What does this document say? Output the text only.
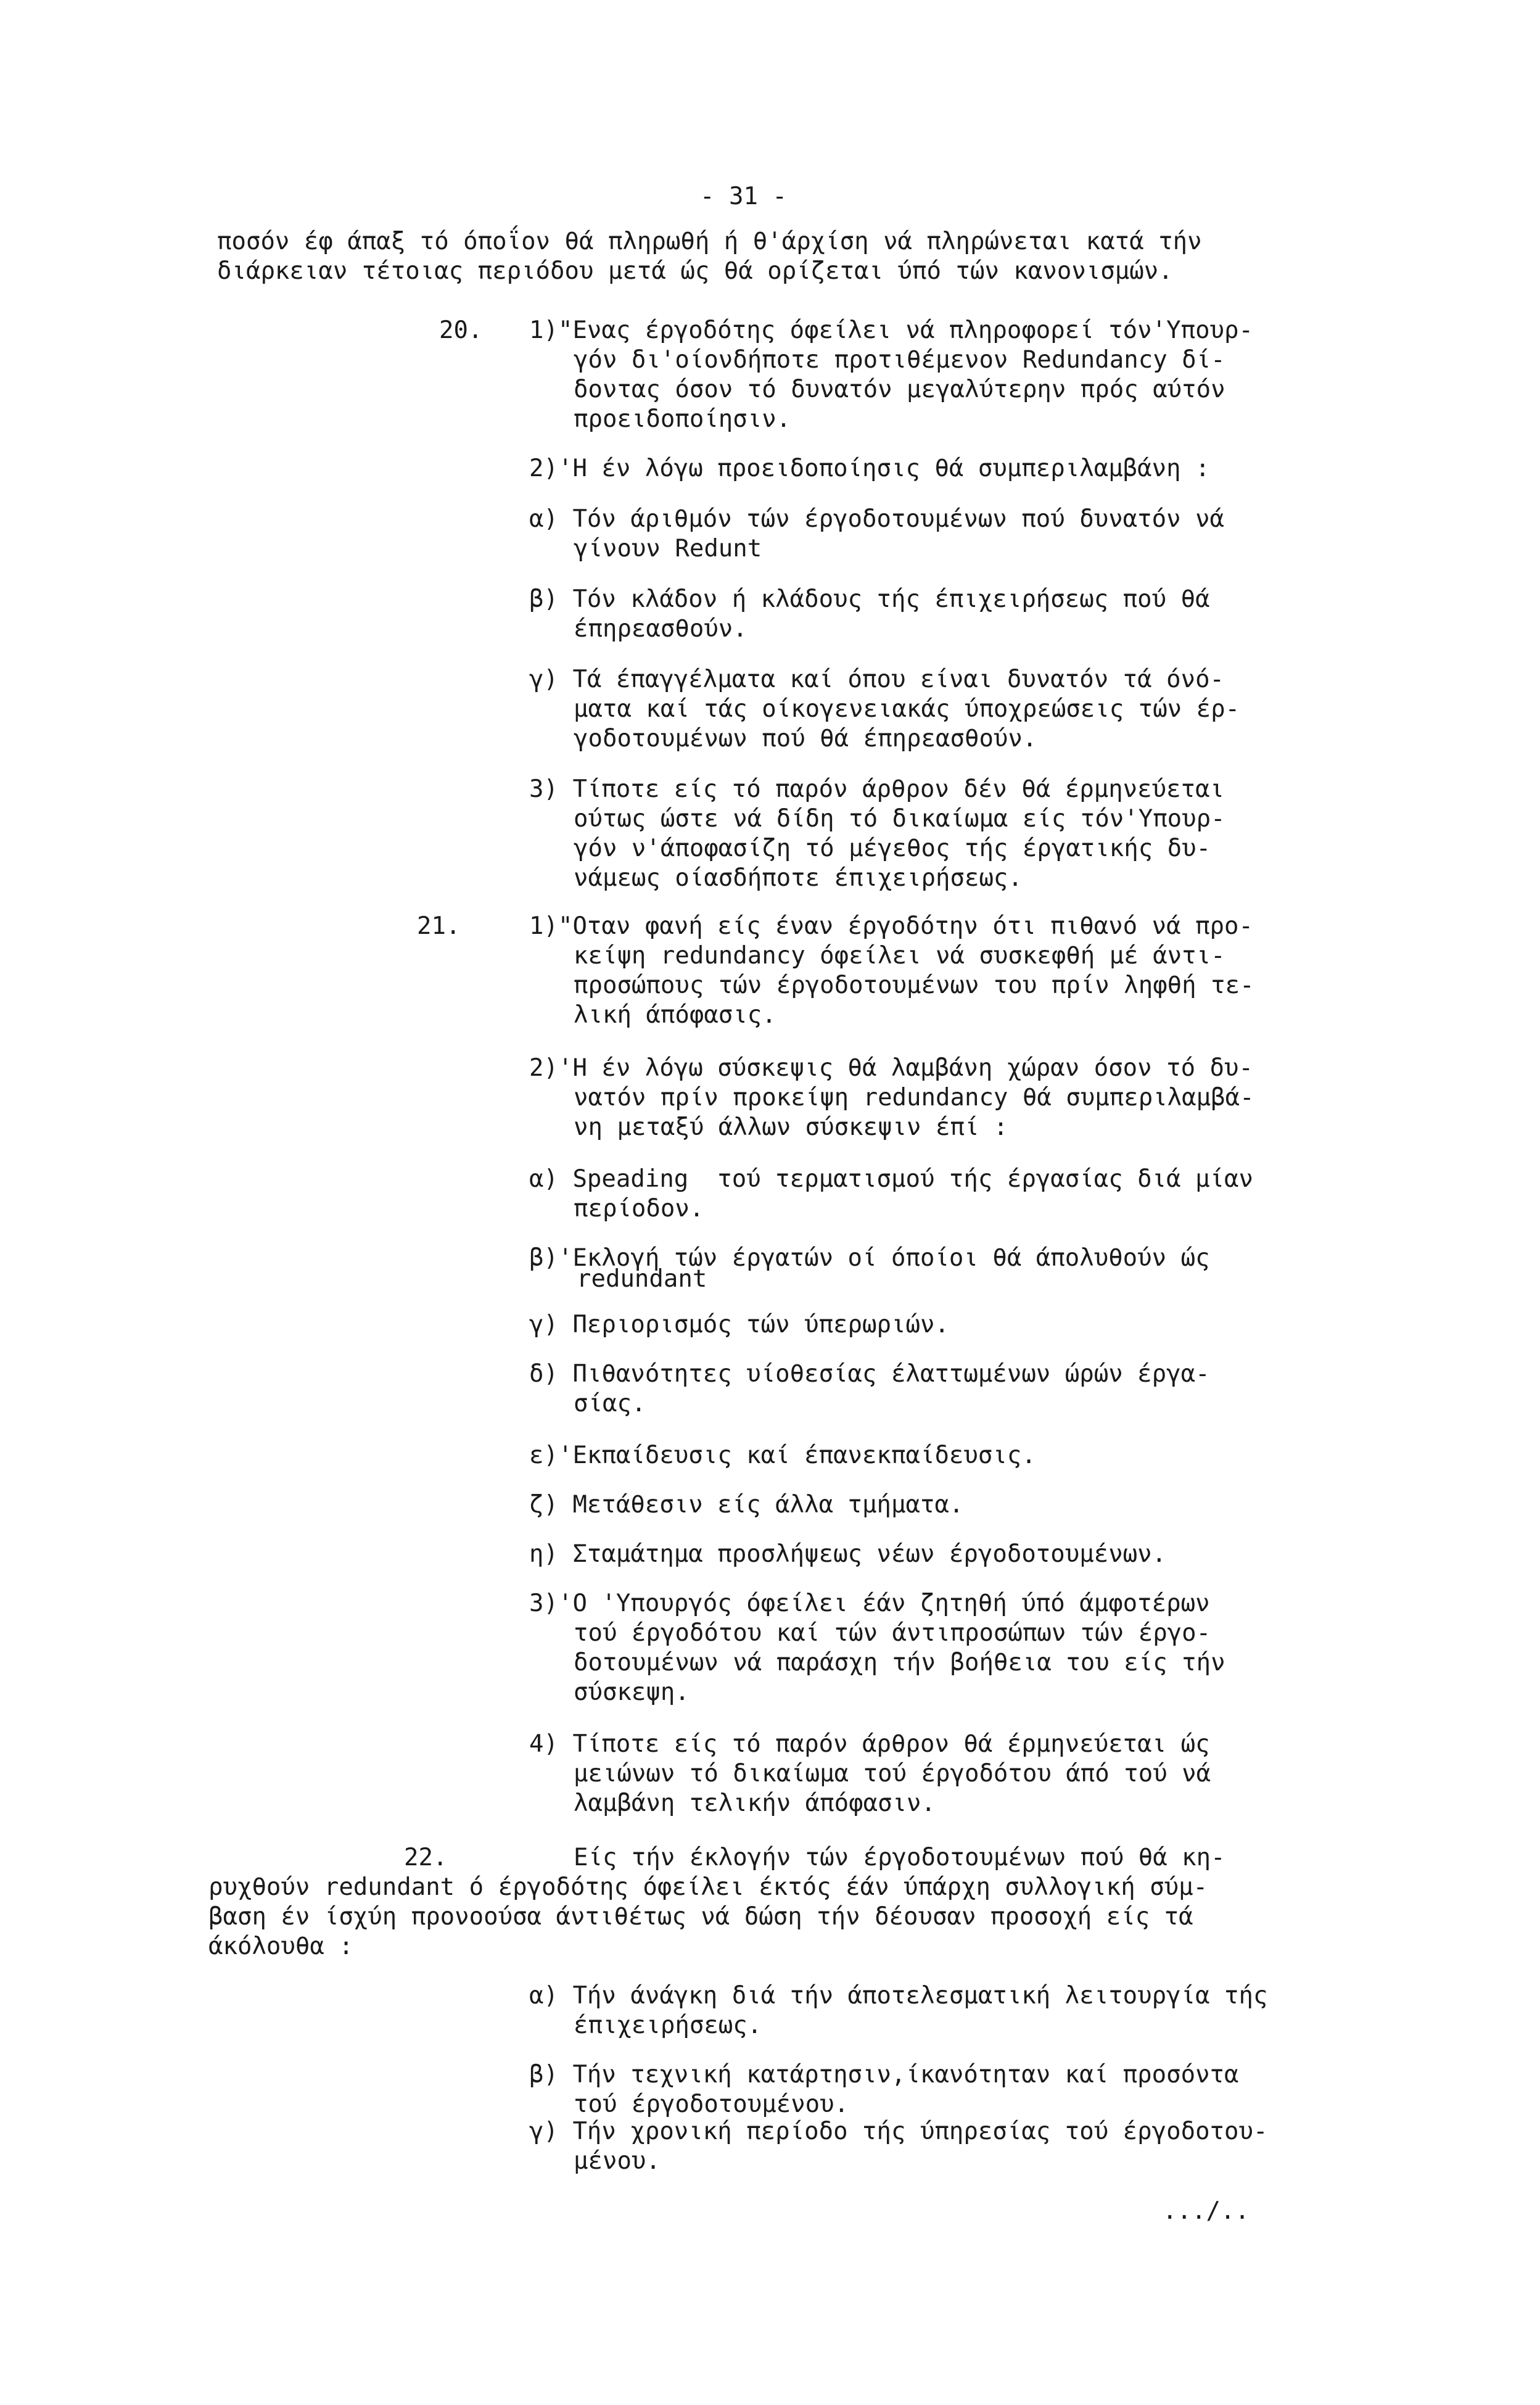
- 31 -
ποσόν έφ άπαξ τό όποΐον θά πληρωθή ή θ'άρχίση νά πληρώνεται κατά τήν
διάρκειαν τέτοιας περιόδου μετά ώς θά ορίζεται ύπό τών κανονισμών.
20. 1)"Ενας έργοδότης όφείλει νά πληροφορεί τόν'Υπουρ-
γόν δι'οίονδήποτε προτιθέμενον Redundancy δί-
δοντας όσον τό δυνατόν μεγαλύτερην πρός αύτόν
προειδοποίησιν.
2)'Η έν λόγω προειδοποίησις θά συμπεριλαμβάνη :
α) Τόν άριθμόν τών έργοδοτουμένων πού δυνατόν νά
γίνουν Redunt
β) Τόν κλάδον ή κλάδους τής έπιχειρήσεως πού θά
έπηρεασθούν.
γ) Τά έπαγγέλματα καί όπου είναι δυνατόν τά όνό-
ματα καί τάς οίκογενειακάς ύποχρεώσεις τών έρ-
γοδοτουμένων πού θά έπηρεασθούν.
3) Τίποτε είς τό παρόν άρθρον δέν θά έρμηνεύεται
ούτως ώστε νά δίδη τό δικαίωμα είς τόν'Υπουρ-
γόν ν'άποφασίζη τό μέγεθος τής έργατικής δυ-
νάμεως οίασδήποτε έπιχειρήσεως.
21.	1)"Οταν φανή είς έναν έργοδότην ότι πιθανό νά προ-
κείψη redundancy όφείλει νά συσκεφθή μέ άντι-
προσώπους τών έργοδοτουμένων του πρίν ληφθή τε-
λική άπόφασις.
2)'Η έν λόγω σύσκεψις θά λαμβάνη χώραν όσον τό δυ-
νατόν πρίν προκείψη redundancy θά συμπεριλαμβά-
νη μεταξύ άλλων σύσκεψιν έπί :
α) Speading  τού τερματισμού τής έργασίας διά μίαν
περίοδον.
β)'Εκλογή τών έργατών οί όποίοι θά άπολυθούν ώς
redundant
γ) Περιορισμός τών ύπερωριών.
δ) Πιθανότητες υίοθεσίας έλαττωμένων ώρών έργα-
σίας.
ε)'Εκπαίδευσις καί έπανεκπαίδευσις.
ζ) Μετάθεσιν είς άλλα τμήματα.
η) Σταμάτημα προσλήψεως νέων έργοδοτουμένων.
3)'Ο 'Υπουργός όφείλει έάν ζητηθή ύπό άμφοτέρων
τού έργοδότου καί τών άντιπροσώπων τών έργο-
δοτουμένων νά παράσχη τήν βοήθεια του είς τήν
σύσκεψη.
4) Τίποτε είς τό παρόν άρθρον θά έρμηνεύεται ώς
μειώνων τό δικαίωμα τού έργοδότου άπό τού νά
λαμβάνη τελικήν άπόφασιν.
22.	Είς τήν έκλογήν τών έργοδοτουμένων πού θά κη-
ρυχθούν redundant ό έργοδότης όφείλει έκτός έάν ύπάρχη συλλογική σύμ-
βαση έν ίσχύη προνοούσα άντιθέτως νά δώση τήν δέουσαν προσοχή είς τά
άκόλουθα :
α) Τήν άνάγκη διά τήν άποτελεσματική λειτουργία τής
έπιχειρήσεως.
β) Τήν τεχνική κατάρτησιν,ίκανότηταν καί προσόντα
τού έργοδοτουμένου.
γ) Τήν χρονική περίοδο τής ύπηρεσίας τού έργοδοτου-
μένου.
.../..
